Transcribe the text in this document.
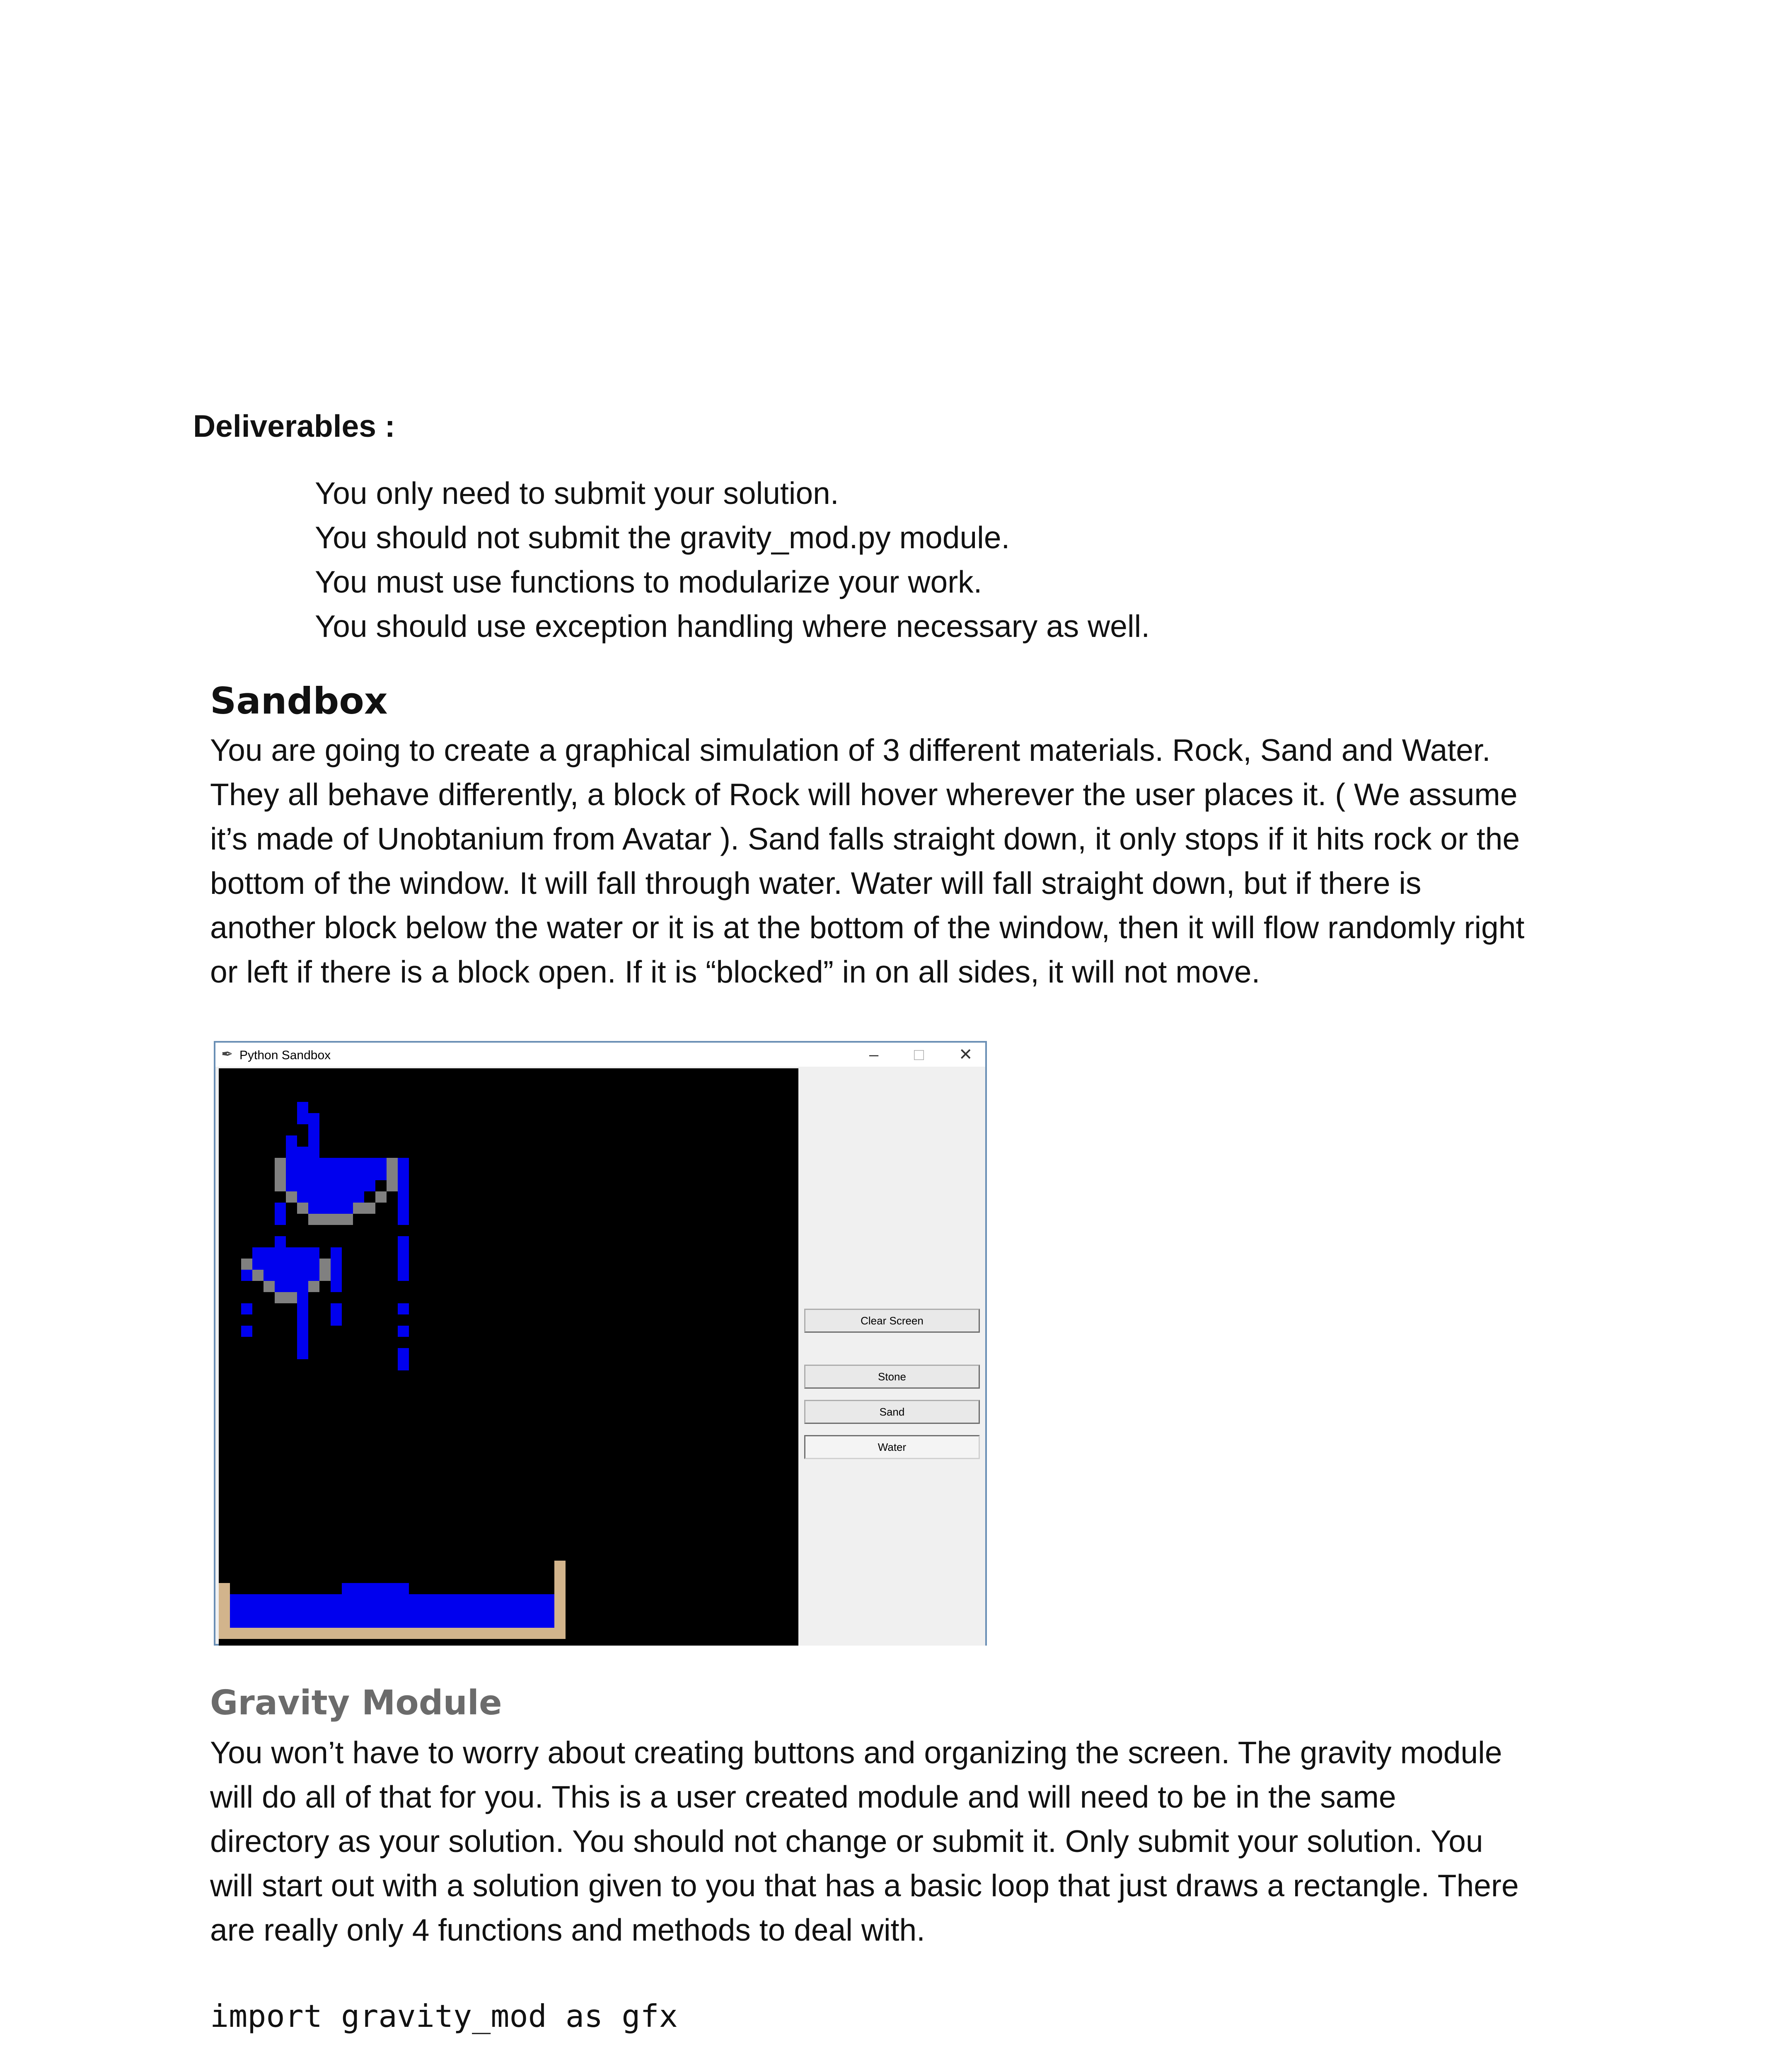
Deliverables :
You only need to submit your solution.
You should not submit the gravity_mod.py module.
You must use functions to modularize your work.
You should use exception handling where necessary as well.
Sandbox
You are going to create a graphical simulation of 3 different materials. Rock, Sand and Water.
They all behave differently, a block of Rock will hover wherever the user places it. ( We assume
it’s made of Unobtanium from Avatar ). Sand falls straight down, it only stops if it hits rock or the
bottom of the window. It will fall through water. Water will fall straight down, but if there is
another block below the water or it is at the bottom of the window, then it will flow randomly right
or left if there is a block open. If it is “blocked” in on all sides, it will not move.
✒ Python Sandbox	– □ ✕
Clear Screen
Stone
Sand
Water
Gravity Module
You won’t have to worry about creating buttons and organizing the screen. The gravity module
will do all of that for you. This is a user created module and will need to be in the same
directory as your solution. You should not change or submit it. Only submit your solution. You
will start out with a solution given to you that has a basic loop that just draws a rectangle. There
are really only 4 functions and methods to deal with.
import gravity_mod as gfx
